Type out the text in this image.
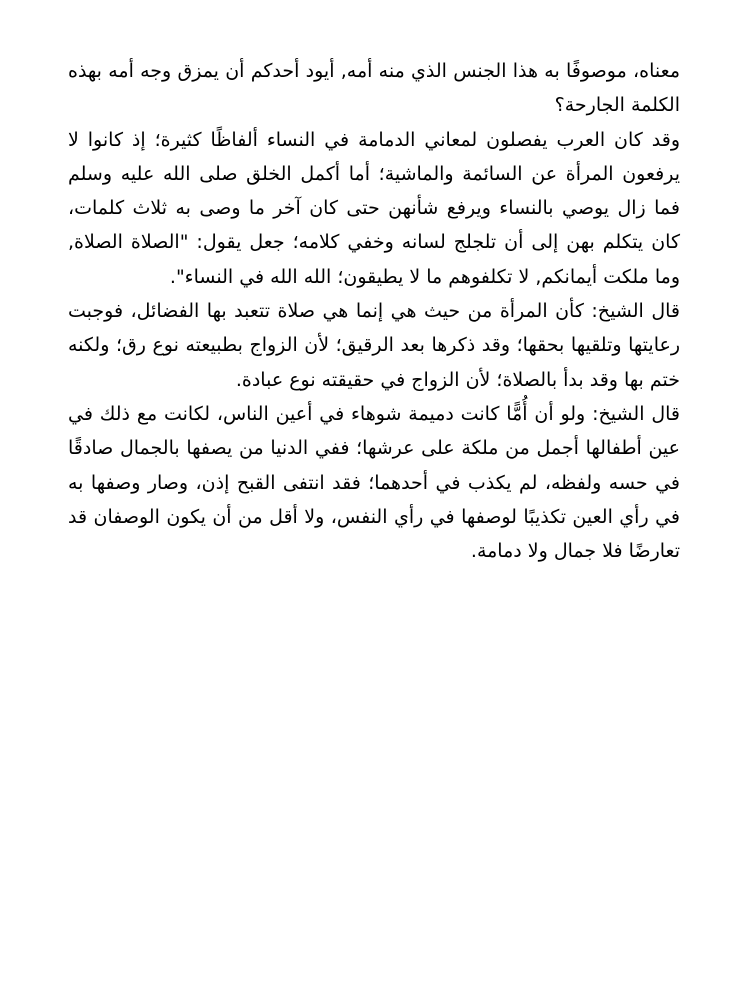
معناه، موصوفًا به هذا الجنس الذي منه أمه, أيود أحدكم أن يمزق وجه أمه بهذه الكلمة الجارحة؟

وقد كان العرب يفصلون لمعاني الدمامة في النساء ألفاظًا كثيرة؛ إذ كانوا لا يرفعون المرأة عن السائمة والماشية؛ أما أكمل الخلق صلى الله عليه وسلم فما زال يوصي بالنساء ويرفع شأنهن حتى كان آخر ما وصى به ثلاث كلمات، كان يتكلم بهن إلى أن تلجلج لسانه وخفي كلامه؛ جعل يقول: "الصلاة الصلاة, وما ملكت أيمانكم, لا تكلفوهم ما لا يطيقون؛ الله الله في النساء".

قال الشيخ: كأن المرأة من حيث هي إنما هي صلاة تتعبد بها الفضائل، فوجبت رعايتها وتلقيها بحقها؛ وقد ذكرها بعد الرقيق؛ لأن الزواج بطبيعته نوع رق؛ ولكنه ختم بها وقد بدأ بالصلاة؛ لأن الزواج في حقيقته نوع عبادة.

قال الشيخ: ولو أن أُمًّا كانت دميمة شوهاء في أعين الناس، لكانت مع ذلك في عين أطفالها أجمل من ملكة على عرشها؛ ففي الدنيا من يصفها بالجمال صادقًا في حسه ولفظه، لم يكذب في أحدهما؛ فقد انتفى القبح إذن، وصار وصفها به في رأي العين تكذيبًا لوصفها في رأي النفس، ولا أقل من أن يكون الوصفان قد تعارضًا فلا جمال ولا دمامة.
